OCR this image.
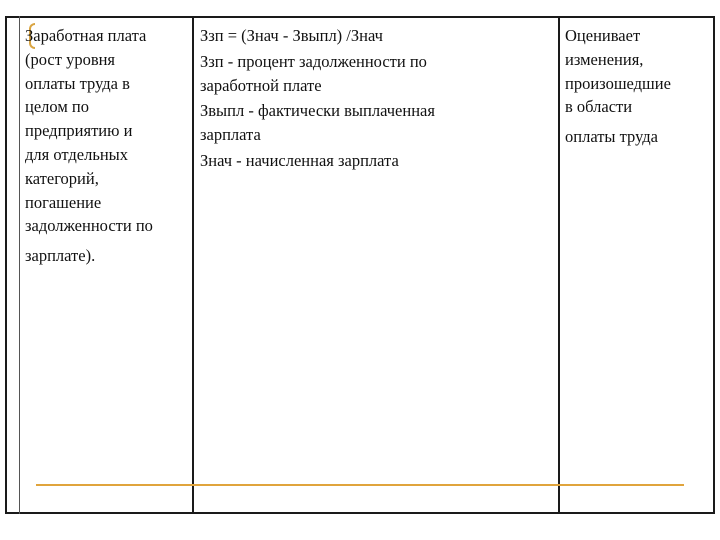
Заработная плата
(рост уровня
оплаты труда в
целом по
предприятию и
для отдельных
категорий,
погашение
задолженности по
зарплате).
Ззп = (Знач - Звыпл) /Знач
Ззп - процент задолженности по
заработной плате
Звыпл - фактически выплаченная
зарплата
Знач - начисленная зарплата
Оценивает
изменения,
произошедшие
в области
оплаты труда
